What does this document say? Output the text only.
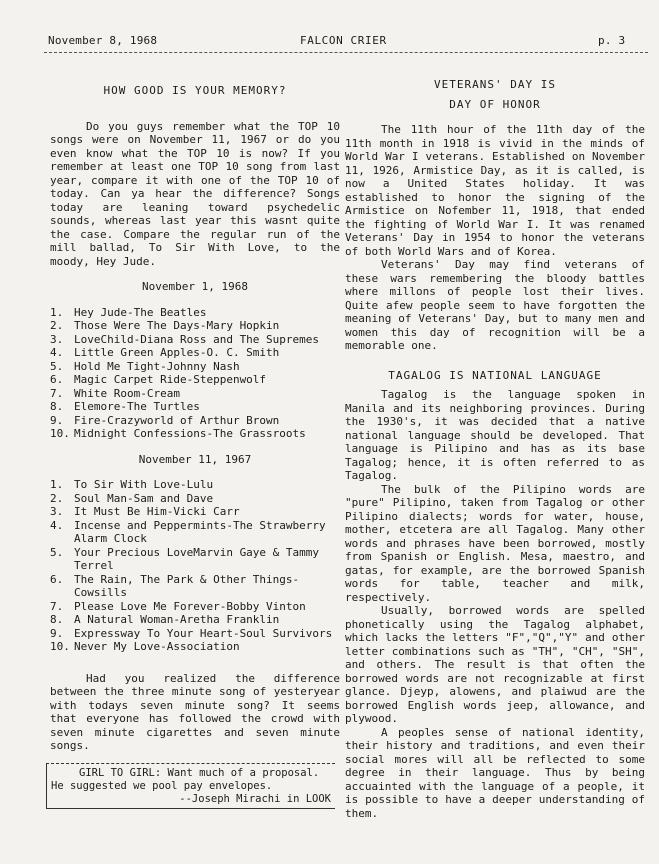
November 8, 1968	FALCON CRIER	p. 3
HOW GOOD IS YOUR MEMORY?

Do you guys remember what the TOP 10 songs were on November 11, 1967 or do you even know what the TOP 10 is now? If you remember at least one TOP 10 song from last year, compare it with one of the TOP 10 of today. Can ya hear the difference? Songs today are leaning toward psychedelic sounds, whereas last year this wasnt quite the case. Compare the regular run of the mill ballad, To Sir With Love, to the moody, Hey Jude.

November 1, 1968

1. Hey Jude-The Beatles
2. Those Were The Days-Mary Hopkin
3. LoveChild-Diana Ross and The Supremes
4. Little Green Apples-O. C. Smith
5. Hold Me Tight-Johnny Nash
6. Magic Carpet Ride-Steppenwolf
7. White Room-Cream
8. Elemore-The Turtles
9. Fire-Crazyworld of Arthur Brown
10. Midnight Confessions-The Grassroots

November 11, 1967

1. To Sir With Love-Lulu
2. Soul Man-Sam and Dave
3. It Must Be Him-Vicki Carr
4. Incense and Peppermints-The Strawberry Alarm Clock
5. Your Precious LoveMarvin Gaye & Tammy Terrel
6. The Rain, The Park & Other Things-Cowsills
7. Please Love Me Forever-Bobby Vinton
8. A Natural Woman-Aretha Franklin
9. Expressway To Your Heart-Soul Survivors
10. Never My Love-Association

Had you realized the difference between the three minute song of yesteryear with todays seven minute song? It seems that everyone has followed the crowd with seven minute cigarettes and seven minute songs.

GIRL TO GIRL: Want much of a proposal.
He suggested we pool pay envelopes.
--Joseph Mirachi in LOOK
VETERANS' DAY IS
DAY OF HONOR

The 11th hour of the 11th day of the 11th month in 1918 is vivid in the minds of World War I veterans. Established on November 11, 1926, Armistice Day, as it is called, is now a United States holiday. It was established to honor the signing of the Armistice on Nofember 11, 1918, that ended the fighting of World War I. It was renamed Veterans' Day in 1954 to honor the veterans of both World Wars and of Korea.

Veterans' Day may find veterans of these wars remembering the bloody battles where millons of people lost their lives. Quite afew people seem to have forgotten the meaning of Veterans' Day, but to many men and women this day of recognition will be a memorable one.

TAGALOG IS NATIONAL LANGUAGE

Tagalog is the language spoken in Manila and its neighboring provinces. During the 1930's, it was decided that a native national language should be developed. That language is Pilipino and has as its base Tagalog; hence, it is often referred to as Tagalog.

The bulk of the Pilipino words are "pure" Pilipino, taken from Tagalog or other Pilipino dialects; words for water, house, mother, etcetera are all Tagalog. Many other words and phrases have been borrowed, mostly from Spanish or English. Mesa, maestro, and gatas, for example, are the borrowed Spanish words for table, teacher and milk, respectively.

Usually, borrowed words are spelled phonetically using the Tagalog alphabet, which lacks the letters "F","Q","Y" and other letter combinations such as "TH", "CH", "SH", and others. The result is that often the borrowed words are not recognizable at first glance. Djeyp, alowens, and plaiwud are the borrowed English words jeep, allowance, and plywood.

A peoples sense of national identity, their history and traditions, and even their social mores will all be reflected to some degree in their language. Thus by being accuainted with the language of a people, it is possible to have a deeper understanding of them.
